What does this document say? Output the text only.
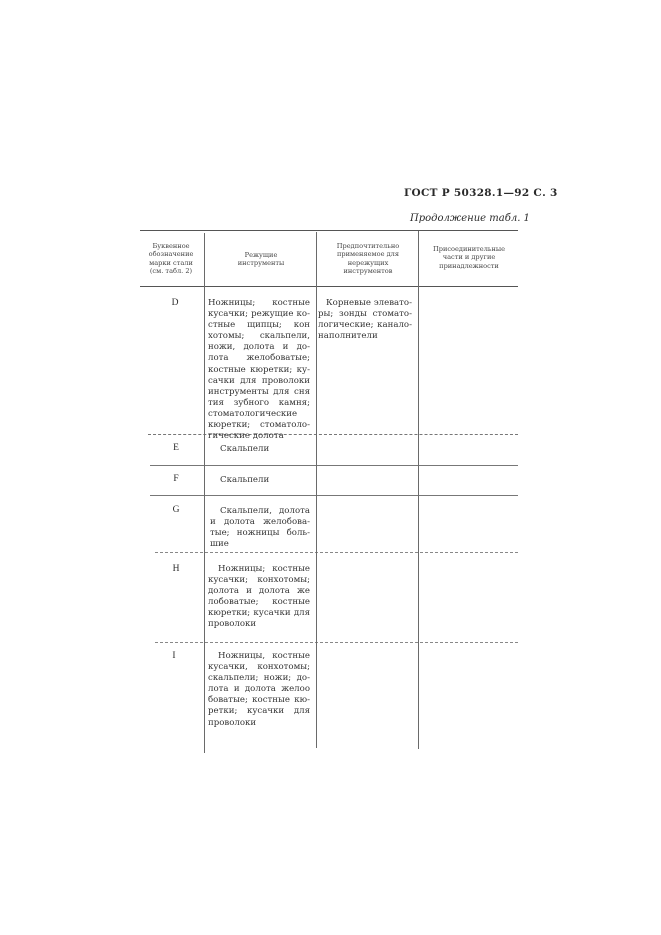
ГОСТ Р 50328.1—92 С. 3
Продолжение табл. 1
Буквенное
обозначение
марки стали
(см. табл. 2)
Режущие
инструменты
Предпочтительно
применяемое для
нережущих
инструментов
Присоединительные
части и другие
принадлежности
D
E
F
G
H
I
Ножницы; костные
кусачки; режущие ко-
стные щипцы; кон
хотомы; скальпели,
ножи, долота и до-
лота желобоватые;
костные кюретки; ку-
сачки для проволоки
инструменты для сня
тия зубного камня;
стоматологические
кюретки; стоматоло-
гические долота
Скальпели
Скальпели
Скальпели, долота
и долота желобова-
тые; ножницы боль-
шие
Ножницы; костные
кусачки; конхотомы;
долота и долота же
лобоватые; костные
кюретки; кусачки для
проволоки
Ножницы, костные
кусачки, конхотомы;
скальпели; ножи; до-
лота и долота желоо
боватые; костные кю-
ретки; кусачки для
проволоки
Корневые элевато-
ры; зонды стомато-
логические; канало-
наполнители
